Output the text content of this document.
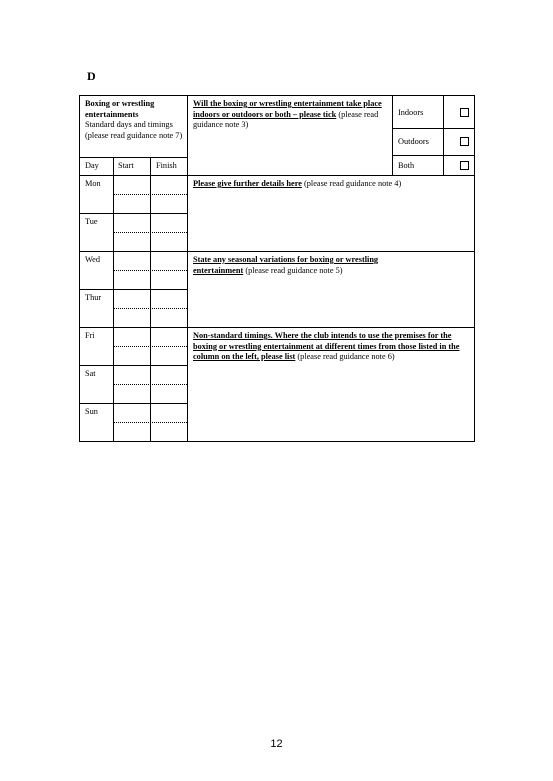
D
Boxing or wrestling entertainments
Standard days and timings (please read guidance note 7)
Day Start	Finish
Mon
Tue
Wed
Thur
Fri
Sat
Sun
Will the boxing or wrestling entertainment take place indoors or outdoors or both – please tick (please read guidance note 3)
Indoors
Outdoors
Both
Please give further details here (please read guidance note 4)
State any seasonal variations for boxing or wrestling entertainment (please read guidance note 5)
Non-standard timings. Where the club intends to use the premises for the boxing or wrestling entertainment at different times from those listed in the column on the left, please list (please read guidance note 6)
12
